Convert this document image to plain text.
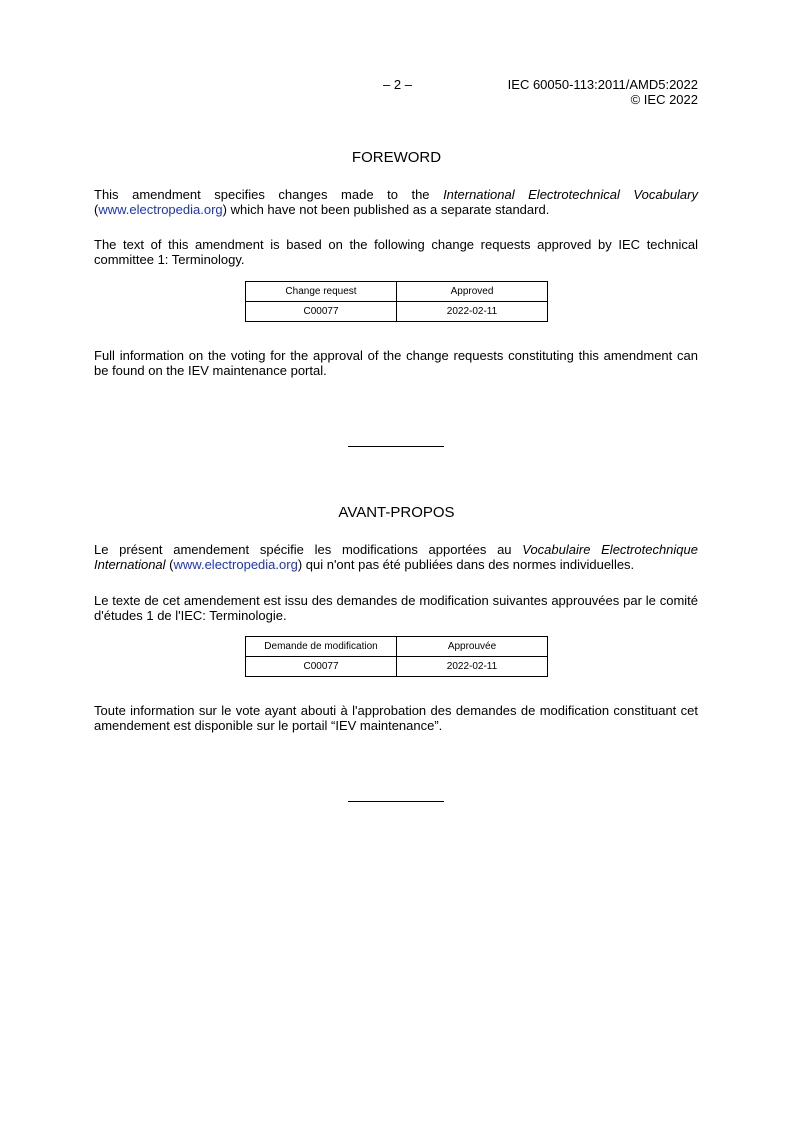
– 2 –	IEC 60050-113:2011/AMD5:2022
© IEC 2022
FOREWORD
This amendment specifies changes made to the International Electrotechnical Vocabulary (www.electropedia.org) which have not been published as a separate standard.
The text of this amendment is based on the following change requests approved by IEC technical committee 1: Terminology.
Change request	Approved
C00077	2022-02-11
Full information on the voting for the approval of the change requests constituting this amendment can be found on the IEV maintenance portal.
AVANT-PROPOS
Le présent amendement spécifie les modifications apportées au Vocabulaire Electrotechnique International (www.electropedia.org) qui n'ont pas été publiées dans des normes individuelles.
Le texte de cet amendement est issu des demandes de modification suivantes approuvées par le comité d'études 1 de l'IEC: Terminologie.
Demande de modification	Approuvée
C00077	2022-02-11
Toute information sur le vote ayant abouti à l'approbation des demandes de modification constituant cet amendement est disponible sur le portail “IEV maintenance”.
